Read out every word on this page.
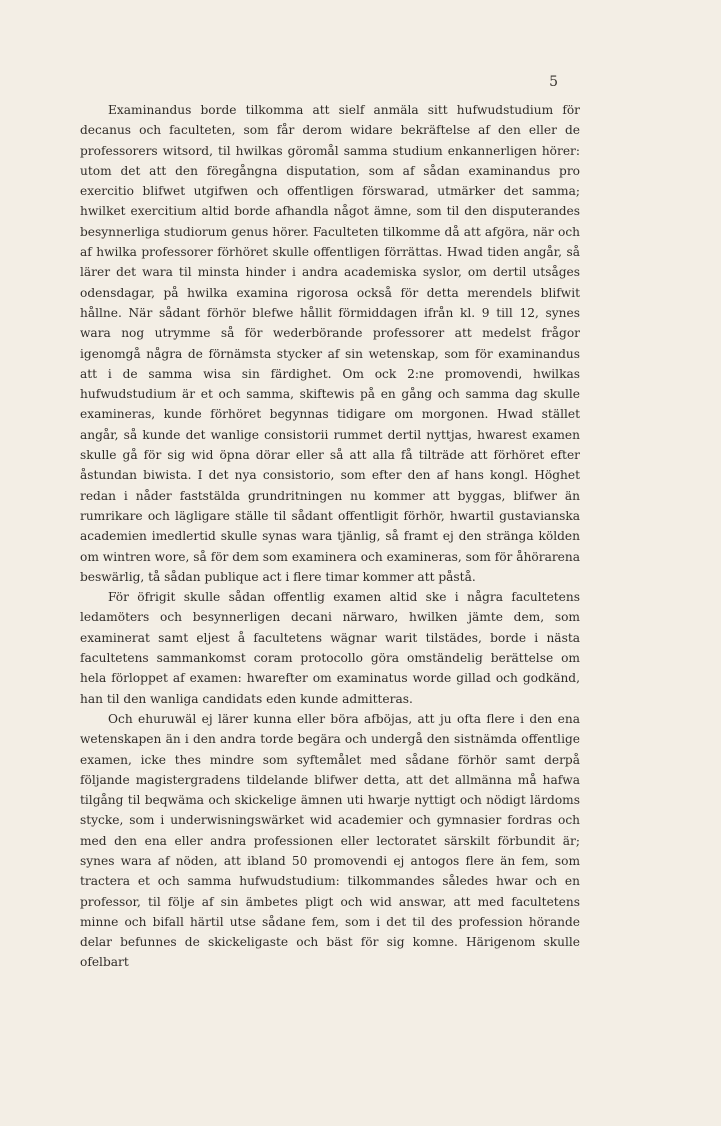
5

Examinandus borde tilkomma att sielf anmäla sitt hufwudstudium för decanus och faculteten, som får derom widare bekräftelse af den eller de professorers witsord, til hwilkas göromål samma studium enkannerligen hörer: utom det att den föregångna disputation, som af sådan examinandus pro exercitio blifwet utgifwen och offentligen förswarad, utmärker det samma; hwilket exercitium altid borde afhandla något ämne, som til den disputerandes besynnerliga studiorum genus hörer. Faculteten tilkomme då att afgöra, när och af hwilka professorer förhöret skulle offentligen förrättas. Hwad tiden angår, så lärer det wara til minsta hinder i andra academiska syslor, om dertil utsåges odensdagar, på hwilka examina rigorosa också för detta merendels blifwit hållne. När sådant förhör blefwe hållit förmiddagen ifrån kl. 9 till 12, synes wara nog utrymme så för wederbörande professorer att medelst frågor igenomgå några de förnämsta stycker af sin wetenskap, som för examinandus att i de samma wisa sin färdighet. Om ock 2:ne promovendi, hwilkas hufwudstudium är et och samma, skiftewis på en gång och samma dag skulle examineras, kunde förhöret begynnas tidigare om morgonen. Hwad stället angår, så kunde det wanlige consistorii rummet dertil nyttjas, hwarest examen skulle gå för sig wid öpna dörar eller så att alla få tilträde att förhöret efter åstundan biwista. I det nya consistorio, som efter den af hans kongl. Höghet redan i nåder faststälda grundritningen nu kommer att byggas, blifwer än rumrikare och lägligare ställe til sådant offentligit förhör, hwartil gustavianska academien imedlertid skulle synas wara tjänlig, så framt ej den stränga kölden om wintren wore, så för dem som examinera och examineras, som för åhörarena beswärlig, tå sådan publique act i flere timar kommer att påstå.

För öfrigit skulle sådan offentlig examen altid ske i några facultetens ledamöters och besynnerligen decani närwaro, hwilken jämte dem, som examinerat samt eljest å facultetens wägnar warit tilstädes, borde i nästa facultetens sammankomst coram protocollo göra omständelig berättelse om hela förloppet af examen: hwarefter om examinatus worde gillad och godkänd, han til den wanliga candidats eden kunde admitteras.

Och ehuruwäl ej lärer kunna eller böra afböjas, att ju ofta flere i den ena wetenskapen än i den andra torde begära och undergå den sistnämda offentlige examen, icke thes mindre som syftemålet med sådane förhör samt derpå följande magistergradens tildelande blifwer detta, att det allmänna må hafwa tilgång til beqwäma och skickelige ämnen uti hwarje nyttigt och nödigt lärdoms stycke, som i underwisningswärket wid academier och gymnasier fordras och med den ena eller andra professionen eller lectoratet särskilt förbundit är; synes wara af nöden, att ibland 50 promovendi ej antogos flere än fem, som tractera et och samma hufwudstudium: tilkommandes således hwar och en professor, til följe af sin ämbetes pligt och wid answar, att med facultetens minne och bifall härtil utse sådane fem, som i det til des profession hörande delar befunnes de skickeligaste och bäst för sig komne. Härigenom skulle ofelbart
